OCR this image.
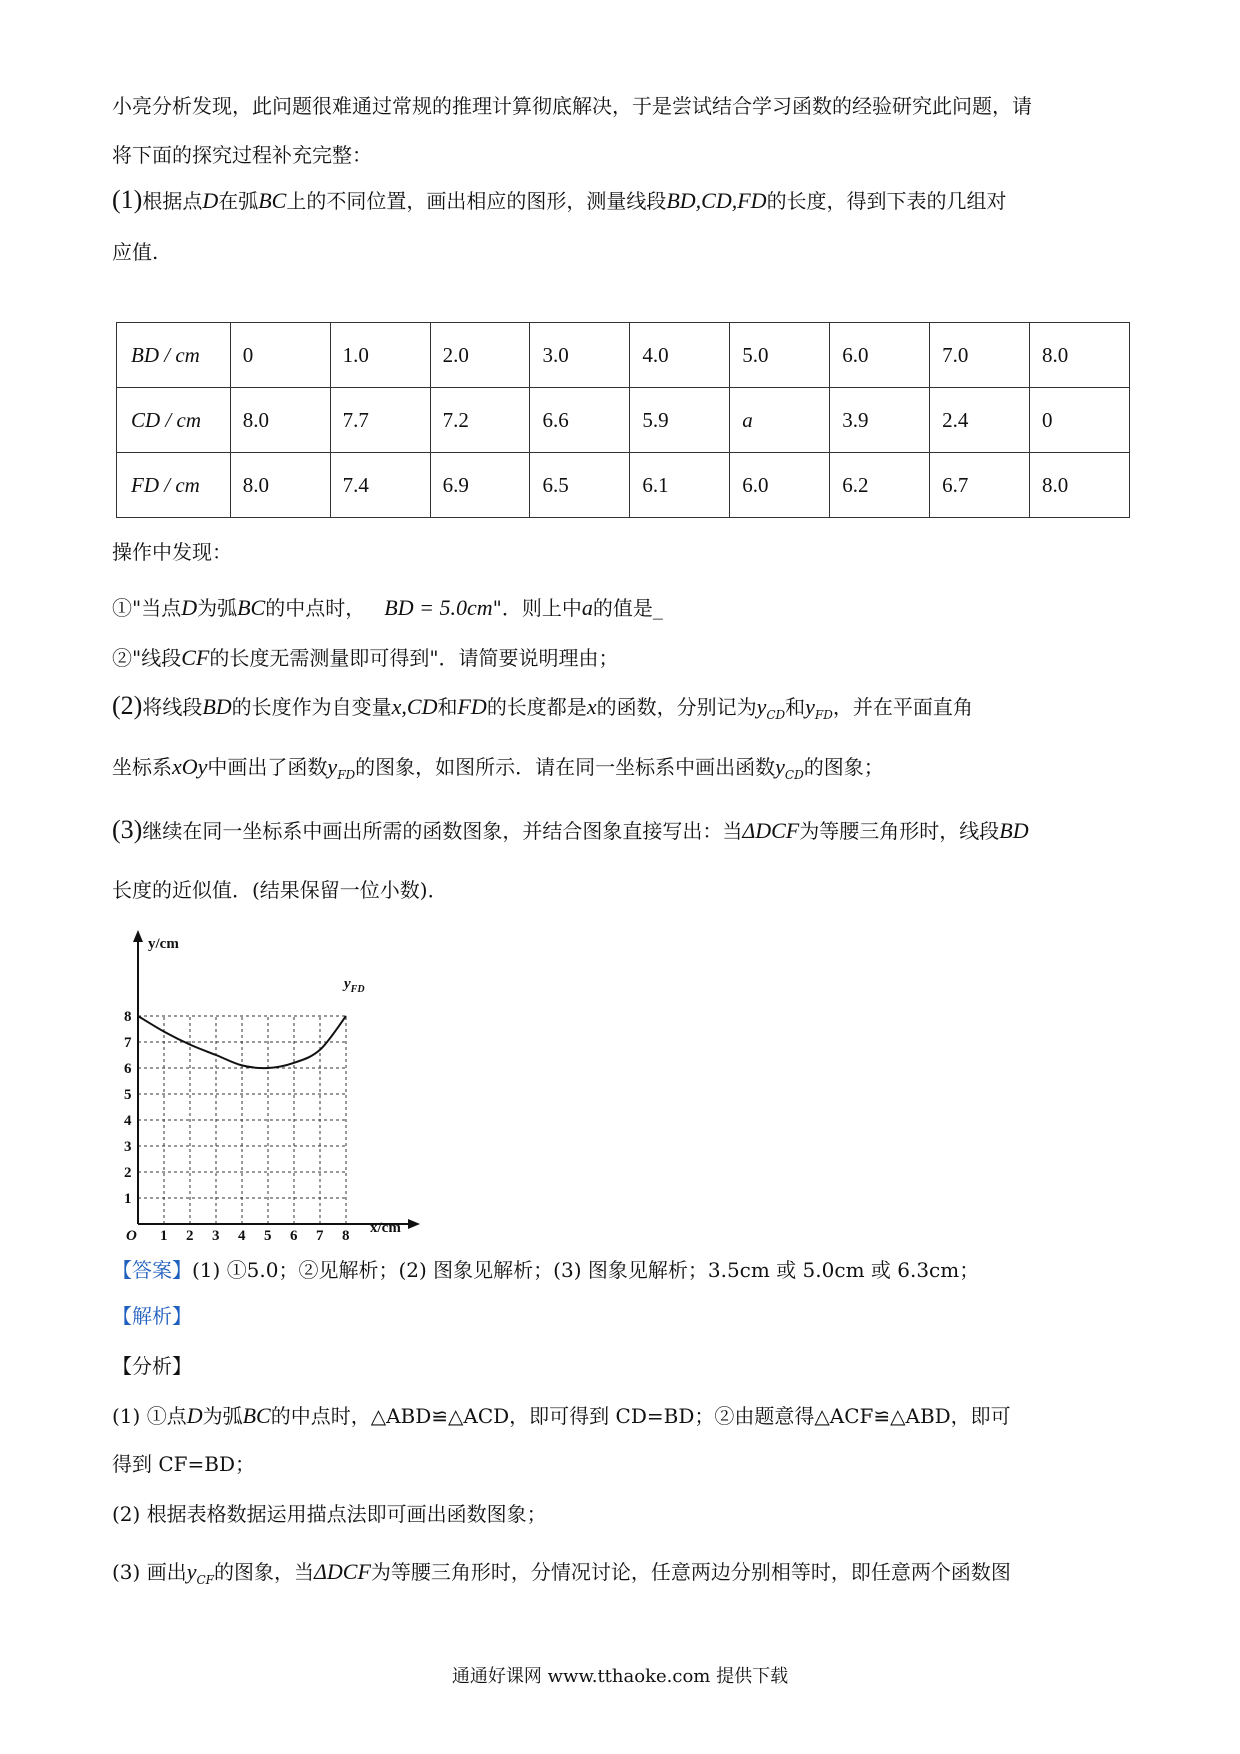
小亮分析发现，此问题很难通过常规的推理计算彻底解决，于是尝试结合学习函数的经验研究此问题，请
将下面的探究过程补充完整：
(1)根据点D在弧BC上的不同位置，画出相应的图形，测量线段BD,CD,FD的长度，得到下表的几组对
应值.
BD / cm	0	1.0	2.0	3.0	4.0	5.0	6.0	7.0	8.0
CD / cm	8.0	7.7	7.2	6.6	5.9	a	3.9	2.4	0
FD / cm	8.0	7.4	6.9	6.5	6.1	6.0	6.2	6.7	8.0
操作中发现：
①"当点D为弧BC的中点时， BD = 5.0cm"．则上中a的值是_
②"线段CF的长度无需测量即可得到"．请简要说明理由；
(2)将线段BD的长度作为自变量x,CD和FD的长度都是x的函数，分别记为$y_{CD}$和$y_{FD}$，并在平面直角
坐标系xOy中画出了函数$y_{FD}$的图象，如图所示．请在同一坐标系中画出函数$y_{CD}$的图象；
(3)继续在同一坐标系中画出所需的函数图象，并结合图象直接写出：当ΔDCF为等腰三角形时，线段BD
长度的近似值．(结果保留一位小数)．
y/cm
x/cm
O 1 2 3 4 5 6 7 8
1
2
3
4
5
6
7
8
$y_{FD}$
【答案】(1) ①5.0；②见解析；(2) 图象见解析；(3) 图象见解析；3.5cm 或 5.0cm 或 6.3cm；
【解析】
【分析】
(1) ①点D为弧BC的中点时，△ABD≌△ACD，即可得到 CD=BD；②由题意得△ACF≌△ABD，即可
得到 CF=BD；
(2) 根据表格数据运用描点法即可画出函数图象；
(3) 画出$y_{CF}$的图象，当ΔDCF为等腰三角形时，分情况讨论，任意两边分别相等时，即任意两个函数图
通通好课网 www.tthaoke.com 提供下载
